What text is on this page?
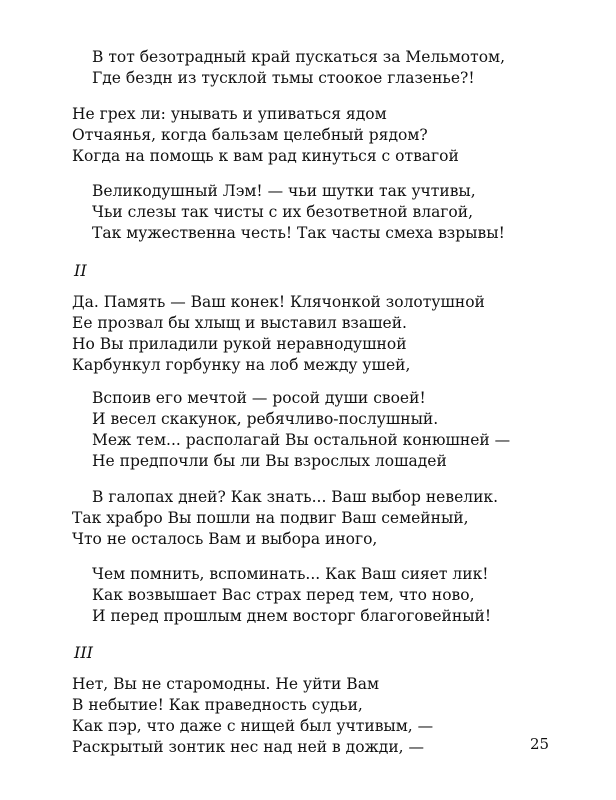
В тот безотрадный край пускаться за Мельмотом,
Где бездн из тусклой тьмы стоокое глазенье?!
Не грех ли: унывать и упиваться ядом
Отчаянья, когда бальзам целебный рядом?
Когда на помощь к вам рад кинуться с отвагой
Великодушный Лэм! — чьи шутки так учтивы,
Чьи слезы так чисты с их безответной влагой,
Так мужественна честь! Так часты смеха взрывы!
II
Да. Память — Ваш конек! Клячонкой золотушной
Ее прозвал бы хлыщ и выставил взашей.
Но Вы приладили рукой неравнодушной
Карбункул горбунку на лоб между ушей,
Вспоив его мечтой — росой души своей!
И весел скакунок, ребячливо-послушный.
Меж тем... располагай Вы остальной конюшней —
Не предпочли бы ли Вы взрослых лошадей
В галопах дней? Как знать... Ваш выбор невелик.
Так храбро Вы пошли на подвиг Ваш семейный,
Что не осталось Вам и выбора иного,
Чем помнить, вспоминать... Как Ваш сияет лик!
Как возвышает Вас страх перед тем, что ново,
И перед прошлым днем восторг благоговейный!
III
Нет, Вы не старомодны. Не уйти Вам
В небытие! Как праведность судьи,
Как пэр, что даже с нищей был учтивым, —
Раскрытый зонтик нес над ней в дожди, —	25
